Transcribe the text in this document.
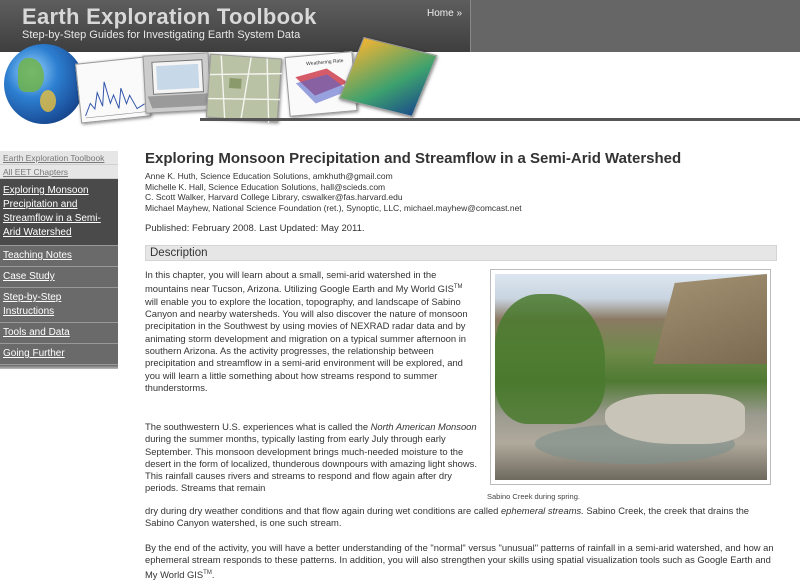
Earth Exploration Toolbook
Step-by-Step Guides for Investigating Earth System Data
Home »
Weathering Rate
Earth Exploration Toolbook
All EET Chapters
Exploring Monsoon Precipitation and Streamflow in a Semi-Arid Watershed
Teaching Notes
Case Study
Step-by-Step Instructions
Tools and Data
Going Further
Exploring Monsoon Precipitation and Streamflow in a Semi-Arid Watershed
Anne K. Huth, Science Education Solutions, amkhuth@gmail.com
Michelle K. Hall, Science Education Solutions, hall@scieds.com
C. Scott Walker, Harvard College Library, cswalker@fas.harvard.edu
Michael Mayhew, National Science Foundation (ret.), Synoptic, LLC, michael.mayhew@comcast.net
Published: February 2008. Last Updated: May 2011.
Description

In this chapter, you will learn about a small, semi-arid watershed in the mountains near Tucson, Arizona. Utilizing Google Earth and My World GIS™ will enable you to explore the location, topography, and landscape of Sabino Canyon and nearby watersheds. You will also discover the nature of monsoon precipitation in the Southwest by using movies of NEXRAD radar data and by animating storm development and migration on a typical summer afternoon in southern Arizona. As the activity progresses, the relationship between precipitation and streamflow in a semi-arid environment will be explored, and you will learn a little something about how streams respond to summer thunderstorms.

The southwestern U.S. experiences what is called the North American Monsoon during the summer months, typically lasting from early July through early September. This monsoon development brings much-needed moisture to the desert in the form of localized, thunderous downpours with amazing light shows. This rainfall causes rivers and streams to respond and flow again after dry periods. Streams that remain

dry during dry weather conditions and that flow again during wet conditions are called ephemeral streams. Sabino Creek, the creek that drains the Sabino Canyon watershed, is one such stream.

By the end of the activity, you will have a better understanding of the "normal" versus "unusual" patterns of rainfall in a semi-arid watershed, and how an ephemeral stream responds to these patterns. In addition, you will also strengthen your skills using spatial visualization tools such as Google Earth and My World GIS™.

Sabino Creek during spring.
